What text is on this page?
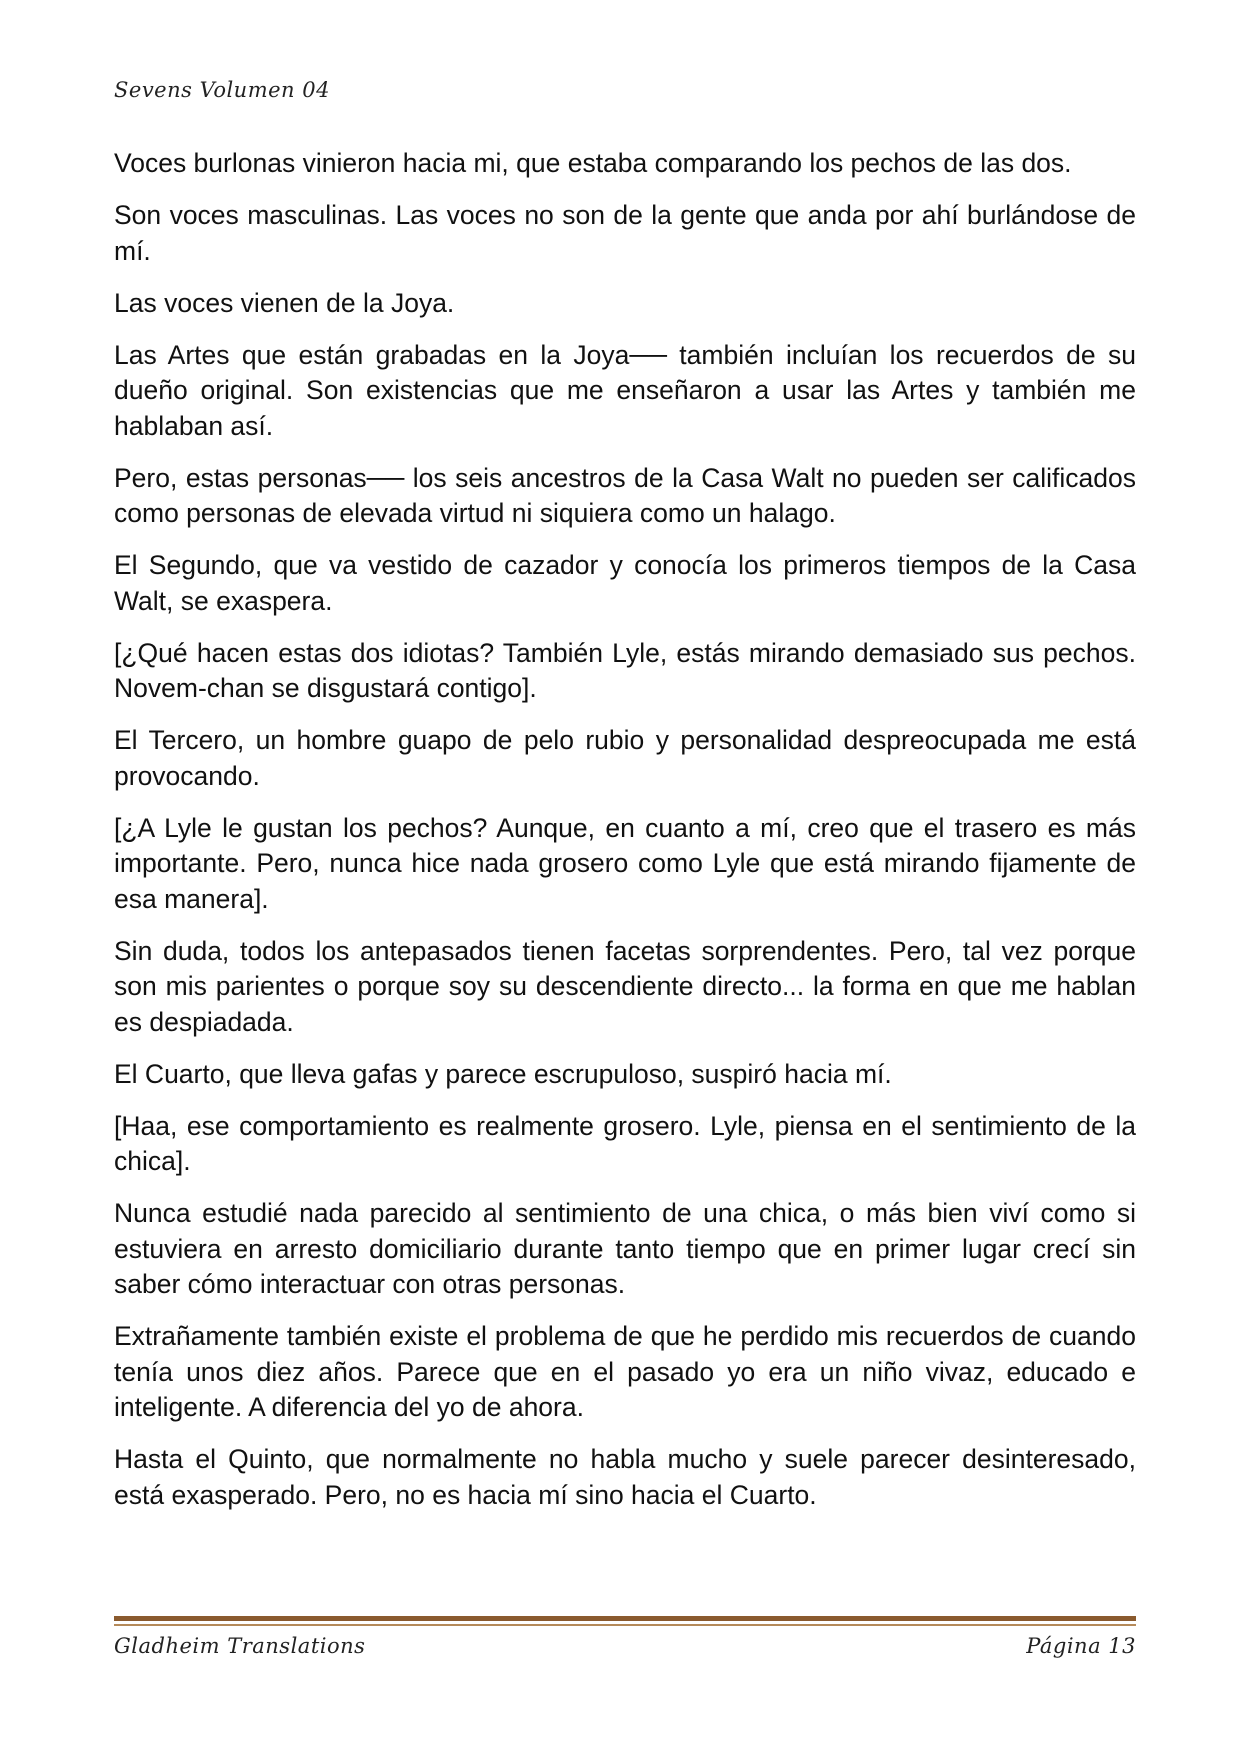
Sevens Volumen 04

Voces burlonas vinieron hacia mi, que estaba comparando los pechos de las dos.

Son voces masculinas. Las voces no son de la gente que anda por ahí burlándose de mí.

Las voces vienen de la Joya.

Las Artes que están grabadas en la Joya── también incluían los recuerdos de su dueño original. Son existencias que me enseñaron a usar las Artes y también me hablaban así.

Pero, estas personas── los seis ancestros de la Casa Walt no pueden ser calificados como personas de elevada virtud ni siquiera como un halago.

El Segundo, que va vestido de cazador y conocía los primeros tiempos de la Casa Walt, se exaspera.

[¿Qué hacen estas dos idiotas? También Lyle, estás mirando demasiado sus pechos. Novem-chan se disgustará contigo].

El Tercero, un hombre guapo de pelo rubio y personalidad despreocupada me está provocando.

[¿A Lyle le gustan los pechos? Aunque, en cuanto a mí, creo que el trasero es más importante. Pero, nunca hice nada grosero como Lyle que está mirando fijamente de esa manera].

Sin duda, todos los antepasados tienen facetas sorprendentes. Pero, tal vez porque son mis parientes o porque soy su descendiente directo... la forma en que me hablan es despiadada.

El Cuarto, que lleva gafas y parece escrupuloso, suspiró hacia mí.

[Haa, ese comportamiento es realmente grosero. Lyle, piensa en el sentimiento de la chica].

Nunca estudié nada parecido al sentimiento de una chica, o más bien viví como si estuviera en arresto domiciliario durante tanto tiempo que en primer lugar crecí sin saber cómo interactuar con otras personas.

Extrañamente también existe el problema de que he perdido mis recuerdos de cuando tenía unos diez años. Parece que en el pasado yo era un niño vivaz, educado e inteligente. A diferencia del yo de ahora.

Hasta el Quinto, que normalmente no habla mucho y suele parecer desinteresado, está exasperado. Pero, no es hacia mí sino hacia el Cuarto.

Gladheim Translations	Página 13
